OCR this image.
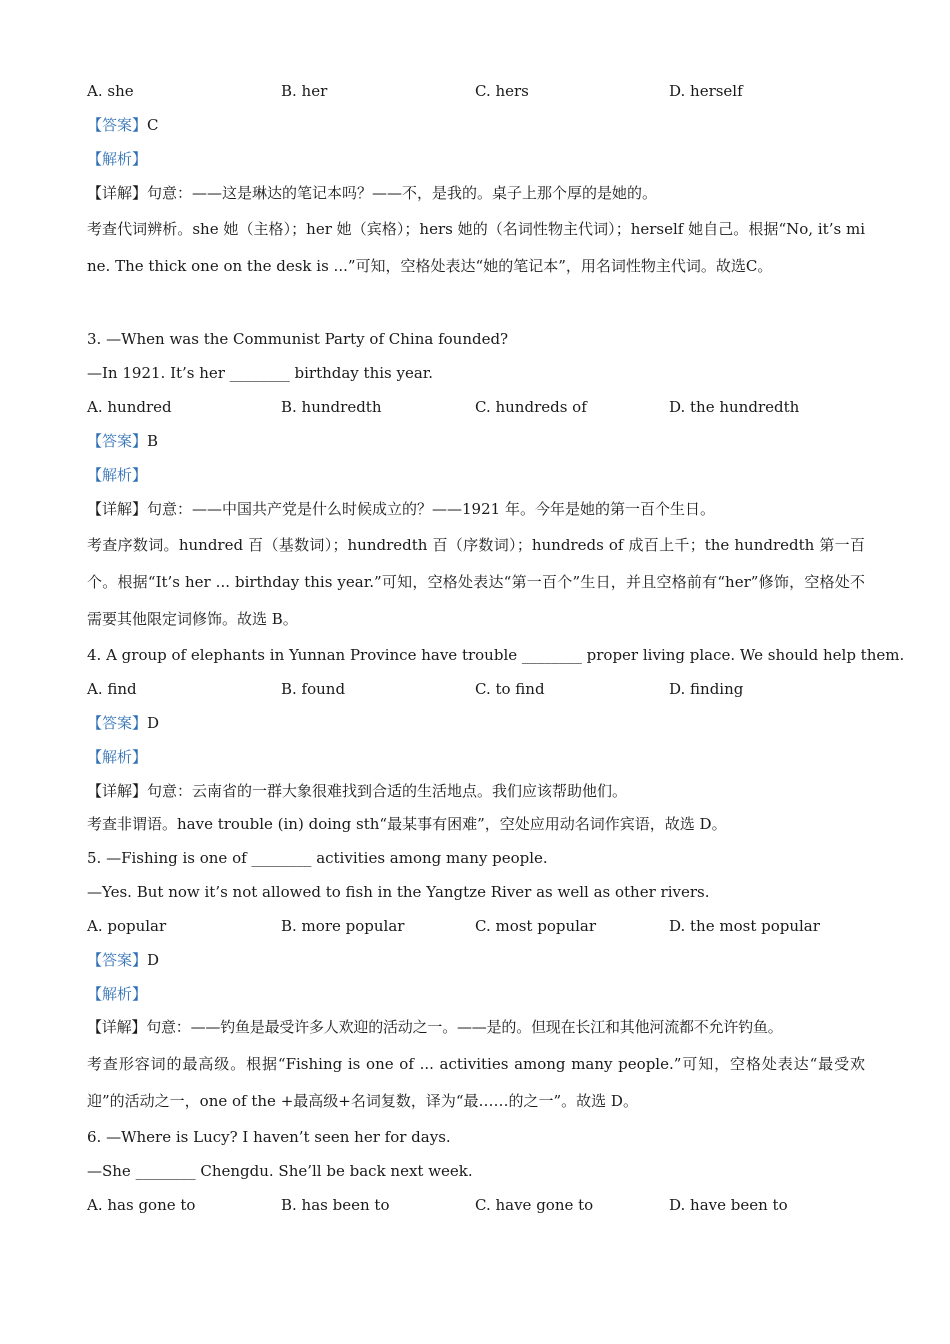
A. she	B. her	C. hers	D. herself
【答案】C
【解析】
【详解】句意：——这是琳达的笔记本吗？——不，是我的。桌子上那个厚的是她的。
考查代词辨析。she 她（主格）；her 她（宾格）；hers 她的（名词性物主代词）；herself 她自己。根据“No, it’s mine. The thick one on the desk is ...”可知，空格处表达“她的笔记本”，用名词性物主代词。故选C。
3. —When was the Communist Party of China founded?
—In 1921. It’s her ________ birthday this year.
A. hundred	B. hundredth	C. hundreds of	D. the hundredth
【答案】B
【解析】
【详解】句意：——中国共产党是什么时候成立的？——1921 年。今年是她的第一百个生日。
考查序数词。hundred 百（基数词）；hundredth 百（序数词）；hundreds of 成百上千；the hundredth 第一百个。根据“It’s her ... birthday this year.”可知，空格处表达“第一百个”生日，并且空格前有“her”修饰，空格处不需要其他限定词修饰。故选 B。
4. A group of elephants in Yunnan Province have trouble ________ proper living place. We should help them.
A. find	B. found	C. to find	D. finding
【答案】D
【解析】
【详解】句意：云南省的一群大象很难找到合适的生活地点。我们应该帮助他们。
考查非谓语。have trouble (in) doing sth“最某事有困难”，空处应用动名词作宾语，故选 D。
5. —Fishing is one of ________ activities among many people.
—Yes. But now it’s not allowed to fish in the Yangtze River as well as other rivers.
A. popular	B. more popular	C. most popular	D. the most popular
【答案】D
【解析】
【详解】句意：——钓鱼是最受许多人欢迎的活动之一。——是的。但现在长江和其他河流都不允许钓鱼。
考查形容词的最高级。根据“Fishing is one of ... activities among many people.”可知，空格处表达“最受欢迎”的活动之一，one of the +最高级+名词复数，译为“最……的之一”。故选 D。
6. —Where is Lucy? I haven’t seen her for days.
—She ________ Chengdu. She’ll be back next week.
A. has gone to	B. has been to	C. have gone to	D. have been to
